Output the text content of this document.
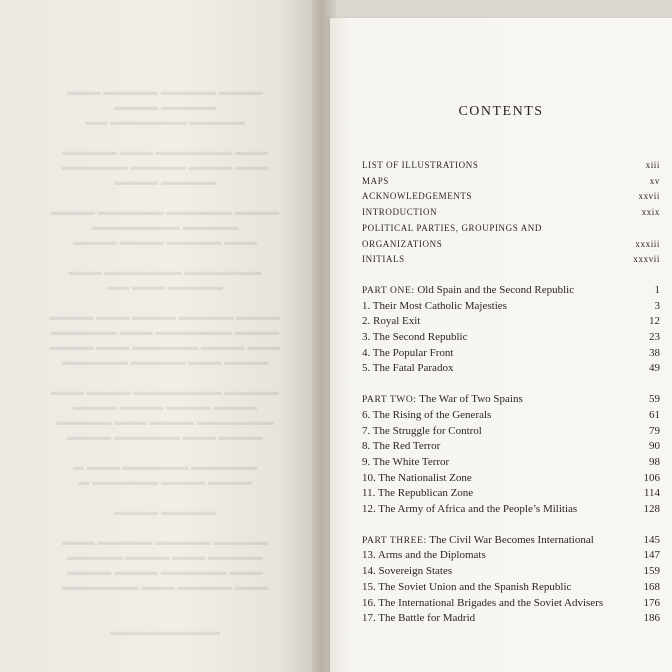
▬▬▬ ▬▬▬▬▬ ▬▬▬▬▬ ▬▬▬▬
▬▬▬▬ ▬▬▬▬▬
▬▬ ▬▬▬▬▬▬▬ ▬▬▬▬▬

▬▬▬▬▬ ▬▬▬ ▬▬▬▬▬▬▬ ▬▬▬
▬▬▬▬▬▬ ▬▬▬▬▬ ▬▬▬▬ ▬▬▬
▬▬▬▬ ▬▬▬▬▬

▬▬▬▬ ▬▬▬▬▬▬ ▬▬▬▬▬▬ ▬▬▬▬
▬▬▬▬▬▬▬▬ ▬▬▬▬▬
▬▬▬▬ ▬▬▬▬ ▬▬▬▬▬ ▬▬▬

▬▬▬ ▬▬▬▬▬▬▬ ▬▬▬▬▬▬▬
▬▬ ▬▬▬ ▬▬▬▬▬

▬▬▬▬ ▬▬▬ ▬▬▬▬ ▬▬▬▬▬ ▬▬▬▬
▬▬▬▬▬▬ ▬▬▬ ▬▬▬▬▬▬▬ ▬▬▬▬
▬▬▬▬ ▬▬▬ ▬▬▬▬▬▬ ▬▬▬▬ ▬▬▬
▬▬▬▬▬▬ ▬▬▬▬▬ ▬▬▬ ▬▬▬▬

▬▬▬ ▬▬▬▬ ▬▬▬▬▬▬▬▬ ▬▬▬▬▬
▬▬▬▬ ▬▬▬▬ ▬▬▬▬ ▬▬▬▬
▬▬▬▬▬ ▬▬▬ ▬▬▬▬ ▬▬▬▬▬▬▬
▬▬▬▬ ▬▬▬▬▬▬ ▬▬▬ ▬▬▬▬

▬ ▬▬▬ ▬▬▬▬▬▬ ▬▬▬▬▬▬
▬ ▬▬▬▬▬▬ ▬▬▬▬ ▬▬▬▬

▬▬▬▬ ▬▬▬▬▬

▬▬▬ ▬▬▬▬▬ ▬▬▬▬▬ ▬▬▬▬▬
▬▬▬▬▬ ▬▬▬▬ ▬▬▬ ▬▬▬▬▬
▬▬▬▬ ▬▬▬▬ ▬▬▬▬▬▬ ▬▬▬
▬▬▬▬▬▬▬ ▬▬▬ ▬▬▬▬▬ ▬▬▬

▬▬▬▬▬▬▬▬▬▬
CONTENTS
LIST OF ILLUSTRATIONS	xiii
MAPS	xv
ACKNOWLEDGEMENTS	xxvii
INTRODUCTION	xxix
POLITICAL PARTIES, GROUPINGS AND
ORGANIZATIONS	xxxiii
INITIALS	xxxvii
PART ONE: Old Spain and the Second Republic	1
1. Their Most Catholic Majesties	3
2. Royal Exit	12
3. The Second Republic	23
4. The Popular Front	38
5. The Fatal Paradox	49
PART TWO: The War of Two Spains	59
6. The Rising of the Generals	61
7. The Struggle for Control	79
8. The Red Terror	90
9. The White Terror	98
10. The Nationalist Zone	106
11. The Republican Zone	114
12. The Army of Africa and the People’s Militias	128
PART THREE: The Civil War Becomes International	145
13. Arms and the Diplomats	147
14. Sovereign States	159
15. The Soviet Union and the Spanish Republic	168
16. The International Brigades and the Soviet Advisers	176
17. The Battle for Madrid	186
